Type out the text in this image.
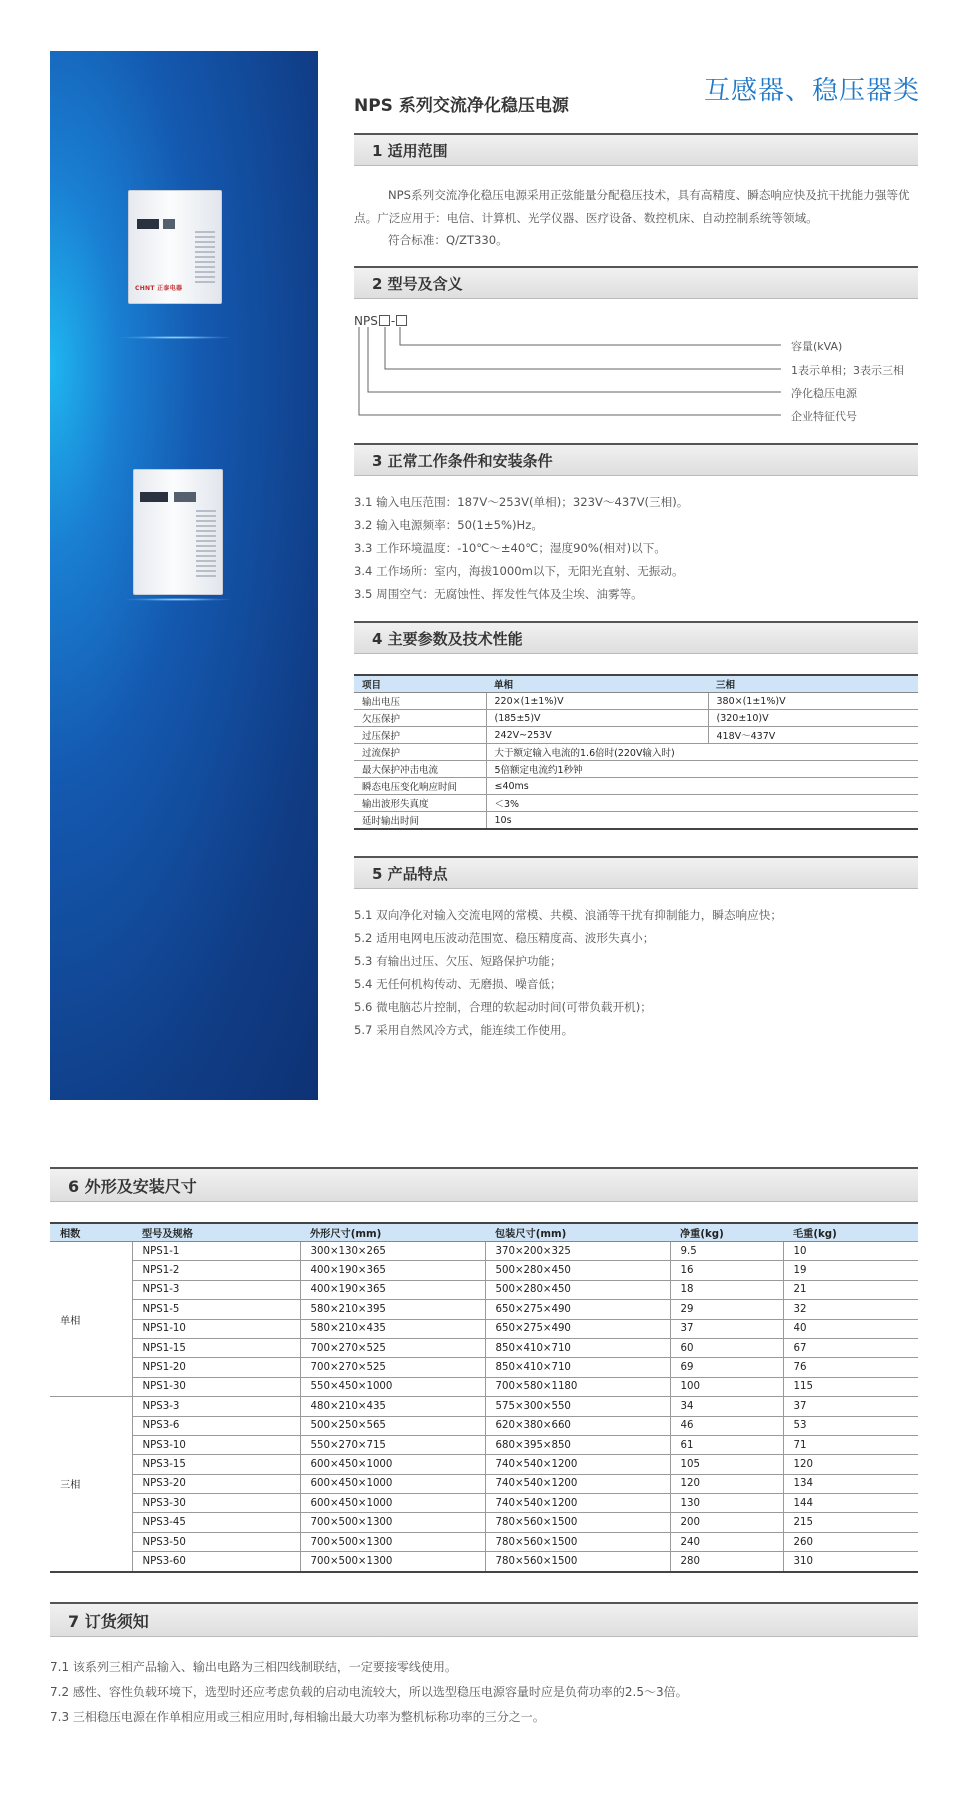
CHNT 正泰电器
NPS 系列交流净化稳压电源	互感器、稳压器类
1 适用范围
NPS系列交流净化稳压电源采用正弦能量分配稳压技术，具有高精度、瞬态响应快及抗干扰能力强等优点。广泛应用于：电信、计算机、光学仪器、医疗设备、数控机床、自动控制系统等领域。
符合标准：Q/ZT330。
2 型号及含义
NPS -
容量(kVA)
1表示单相；3表示三相
净化稳压电源
企业特征代号
3 正常工作条件和安装条件
3.1 输入电压范围：187V～253V(单相)；323V～437V(三相)。
3.2 输入电源频率：50(1±5%)Hz。
3.3 工作环境温度：-10℃～±40℃；湿度90%(相对)以下。
3.4 工作场所：室内，海拔1000m以下，无阳光直射、无振动。
3.5 周围空气：无腐蚀性、挥发性气体及尘埃、油雾等。
4 主要参数及技术性能
项目	单相	三相
输出电压	220×(1±1%)V	380×(1±1%)V
欠压保护	(185±5)V	(320±10)V
过压保护	242V~253V	418V～437V
过流保护	大于额定输入电流的1.6倍时(220V输入时)	
最大保护冲击电流	5倍额定电流约1秒钟	
瞬态电压变化响应时间	≤40ms	
输出波形失真度	＜3%	
延时输出时间	10s	
5 产品特点
5.1 双向净化对输入交流电网的常模、共模、浪涌等干扰有抑制能力，瞬态响应快；
5.2 适用电网电压波动范围宽、稳压精度高、波形失真小；
5.3 有输出过压、欠压、短路保护功能；
5.4 无任何机构传动、无磨损、噪音低；
5.6 微电脑芯片控制，合理的软起动时间(可带负载开机)；
5.7 采用自然风冷方式，能连续工作使用。
6 外形及安装尺寸
相数	型号及规格	外形尺寸(mm)	包装尺寸(mm)	净重(kg)	毛重(kg)
单相	NPS1-1	300×130×265	370×200×325	9.5	10
	NPS1-2	400×190×365	500×280×450	16	19
	NPS1-3	400×190×365	500×280×450	18	21
	NPS1-5	580×210×395	650×275×490	29	32
	NPS1-10	580×210×435	650×275×490	37	40
	NPS1-15	700×270×525	850×410×710	60	67
	NPS1-20	700×270×525	850×410×710	69	76
	NPS1-30	550×450×1000	700×580×1180	100	115
三相	NPS3-3	480×210×435	575×300×550	34	37
	NPS3-6	500×250×565	620×380×660	46	53
	NPS3-10	550×270×715	680×395×850	61	71
	NPS3-15	600×450×1000	740×540×1200	105	120
	NPS3-20	600×450×1000	740×540×1200	120	134
	NPS3-30	600×450×1000	740×540×1200	130	144
	NPS3-45	700×500×1300	780×560×1500	200	215
	NPS3-50	700×500×1300	780×560×1500	240	260
	NPS3-60	700×500×1300	780×560×1500	280	310
7 订货须知
7.1 该系列三相产品输入、输出电路为三相四线制联结，一定要接零线使用。
7.2 感性、容性负载环境下，选型时还应考虑负载的启动电流较大，所以选型稳压电源容量时应是负荷功率的2.5～3倍。
7.3 三相稳压电源在作单相应用或三相应用时,每相输出最大功率为整机标称功率的三分之一。
